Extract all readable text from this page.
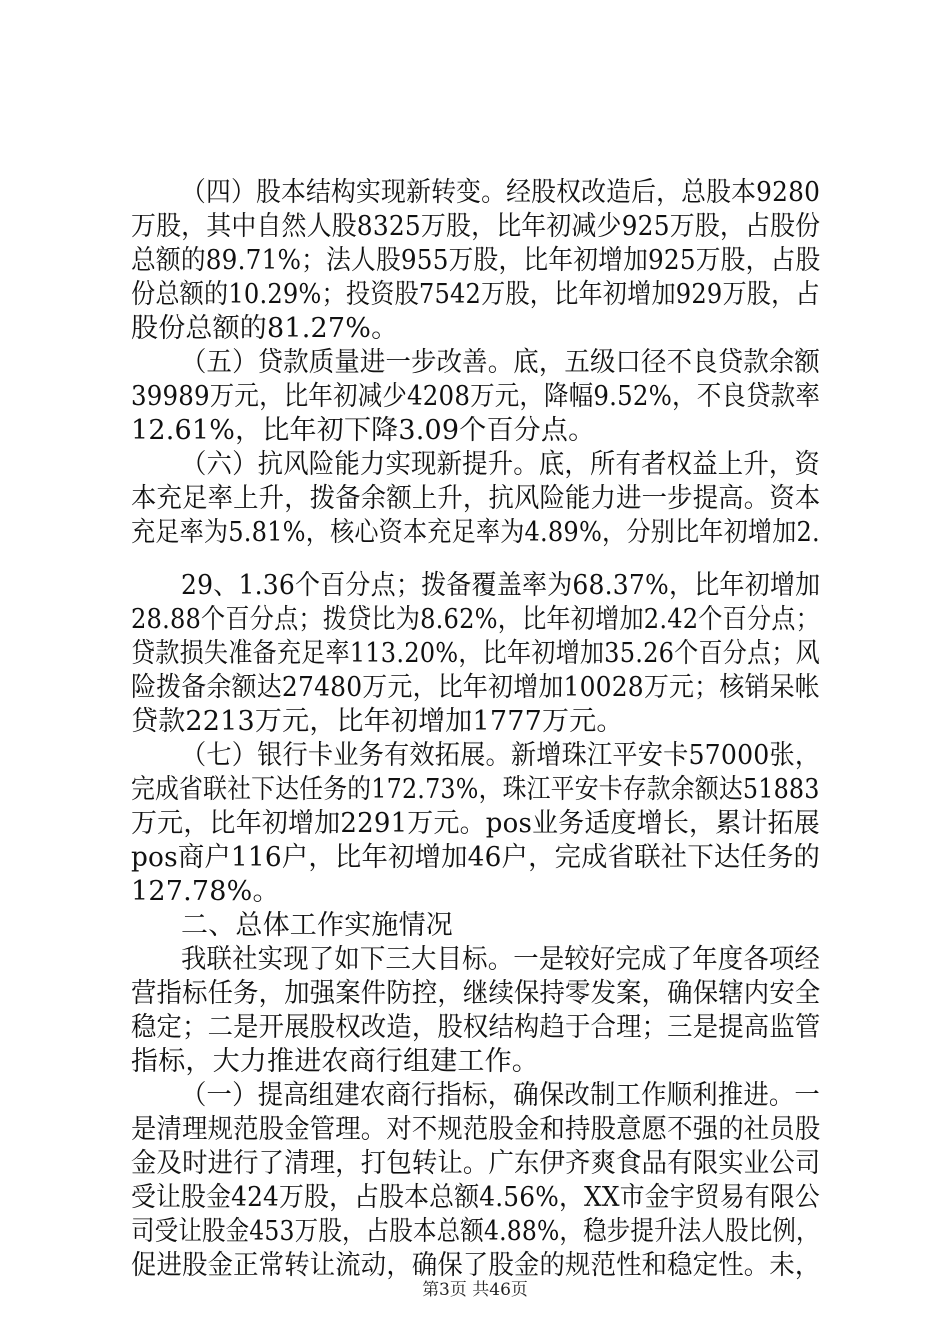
（四）股本结构实现新转变。经股权改造后，总股本9280
万股，其中自然人股8325万股，比年初减少925万股，占股份
总额的89.71%；法人股955万股，比年初增加925万股，占股
份总额的10.29%；投资股7542万股，比年初增加929万股，占
股份总额的81.27%。
（五）贷款质量进一步改善。底，五级口径不良贷款余额
39989万元，比年初减少4208万元，降幅9.52%，不良贷款率
12.61%，比年初下降3.09个百分点。
（六）抗风险能力实现新提升。底，所有者权益上升，资
本充足率上升，拨备余额上升，抗风险能力进一步提高。资本
充足率为5.81%，核心资本充足率为4.89%，分别比年初增加2.
29、1.36个百分点；拨备覆盖率为68.37%，比年初增加
28.88个百分点；拨贷比为8.62%，比年初增加2.42个百分点；
贷款损失准备充足率113.20%，比年初增加35.26个百分点；风
险拨备余额达27480万元，比年初增加10028万元；核销呆帐
贷款2213万元，比年初增加1777万元。
（七）银行卡业务有效拓展。新增珠江平安卡57000张，
完成省联社下达任务的172.73%，珠江平安卡存款余额达51883
万元，比年初增加2291万元。pos业务适度增长，累计拓展
pos商户116户，比年初增加46户，完成省联社下达任务的
127.78%。
二、总体工作实施情况
我联社实现了如下三大目标。一是较好完成了年度各项经
营指标任务，加强案件防控，继续保持零发案，确保辖内安全
稳定；二是开展股权改造，股权结构趋于合理；三是提高监管
指标，大力推进农商行组建工作。
（一）提高组建农商行指标，确保改制工作顺利推进。一
是清理规范股金管理。对不规范股金和持股意愿不强的社员股
金及时进行了清理，打包转让。广东伊齐爽食品有限实业公司
受让股金424万股，占股本总额4.56%，XX市金宇贸易有限公
司受让股金453万股，占股本总额4.88%，稳步提升法人股比例，
促进股金正常转让流动，确保了股金的规范性和稳定性。未，
第3页 共46页
